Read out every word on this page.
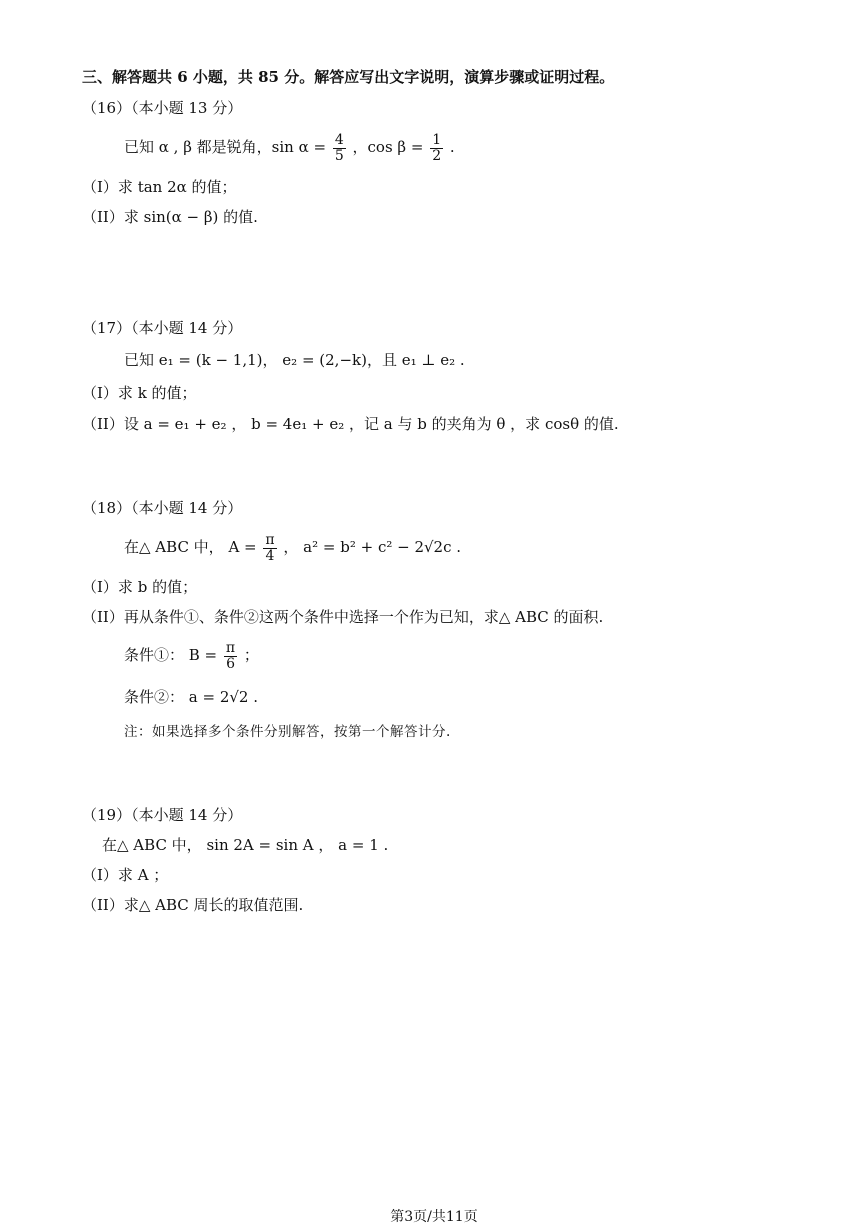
三、解答题共 6 小题，共 85 分。解答应写出文字说明，演算步骤或证明过程。
（16）（本小题 13 分）
已知 α , β 都是锐角，$\sin \alpha = \frac{4}{5}$ ，$\cos \beta = \frac{1}{2}$ .
（I）求 tan 2α 的值；
（II）求 sin(α − β) 的值.
（17）（本小题 14 分）
已知 e₁ = (k − 1,1)， e₂ = (2,−k)，且 e₁ ⊥ e₂ .
（I）求 k 的值；
（II）设 a = e₁ + e₂ ， b = 4e₁ + e₂ ，记 a 与 b 的夹角为 θ ，求 cosθ 的值.
（18）（本小题 14 分）
在△ ABC 中， $A = \frac{\pi}{4}$ ， a² = b² + c² − 2√2c .
（I）求 b 的值；
（II）再从条件①、条件②这两个条件中选择一个作为已知，求△ ABC 的面积.
条件①： $B = \frac{\pi}{6}$ ；
条件②： a = 2√2 .
注：如果选择多个条件分别解答，按第一个解答计分.
（19）（本小题 14 分）
在△ ABC 中， sin 2A = sin A ， a = 1 .
（I）求 A ；
（II）求△ ABC 周长的取值范围.
第3页/共11页
